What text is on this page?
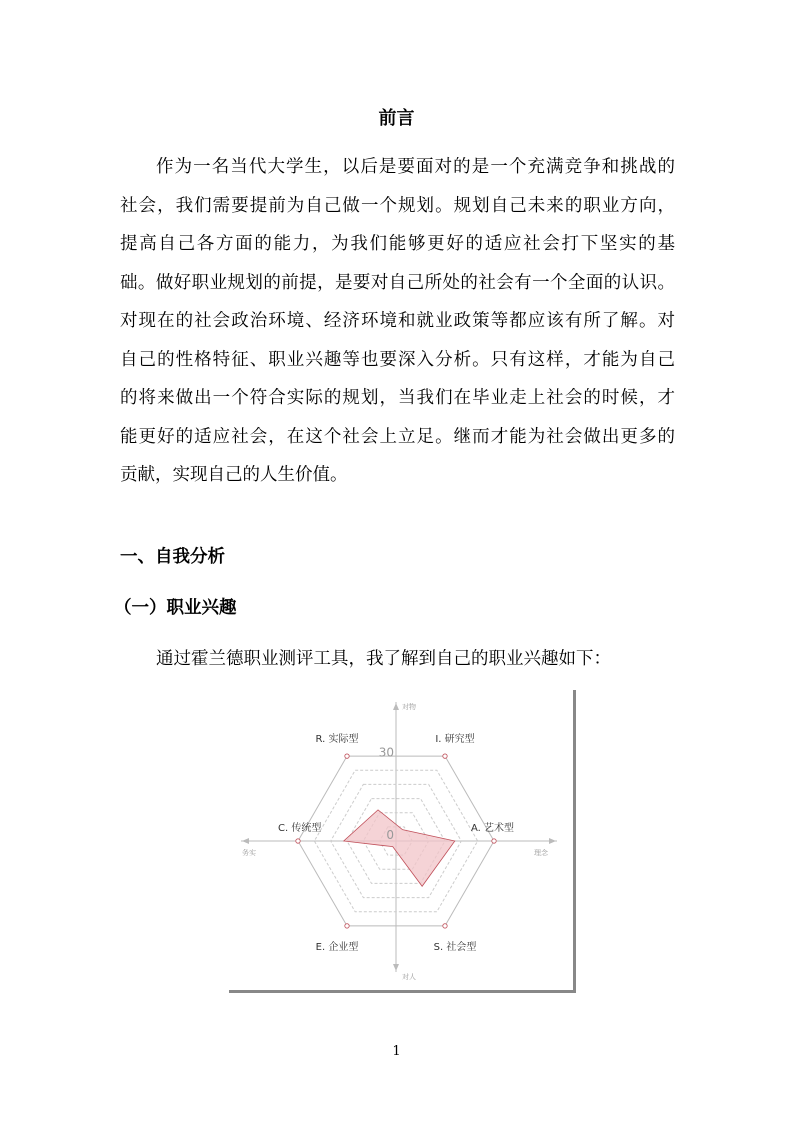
前言
作为一名当代大学生，以后是要面对的是一个充满竞争和挑战的
社会，我们需要提前为自己做一个规划。规划自己未来的职业方向，
提高自己各方面的能力，为我们能够更好的适应社会打下坚实的基
础。做好职业规划的前提，是要对自己所处的社会有一个全面的认识。
对现在的社会政治环境、经济环境和就业政策等都应该有所了解。对
自己的性格特征、职业兴趣等也要深入分析。只有这样，才能为自己
的将来做出一个符合实际的规划，当我们在毕业走上社会的时候，才
能更好的适应社会，在这个社会上立足。继而才能为社会做出更多的
贡献，实现自己的人生价值。
一、自我分析
（一）职业兴趣
通过霍兰德职业测评工具，我了解到自己的职业兴趣如下：
R. 实际型	I. 研究型
A. 艺术型
S. 社会型
E. 企业型
C. 传统型	0
30
对物
对人
务实	理念
1
